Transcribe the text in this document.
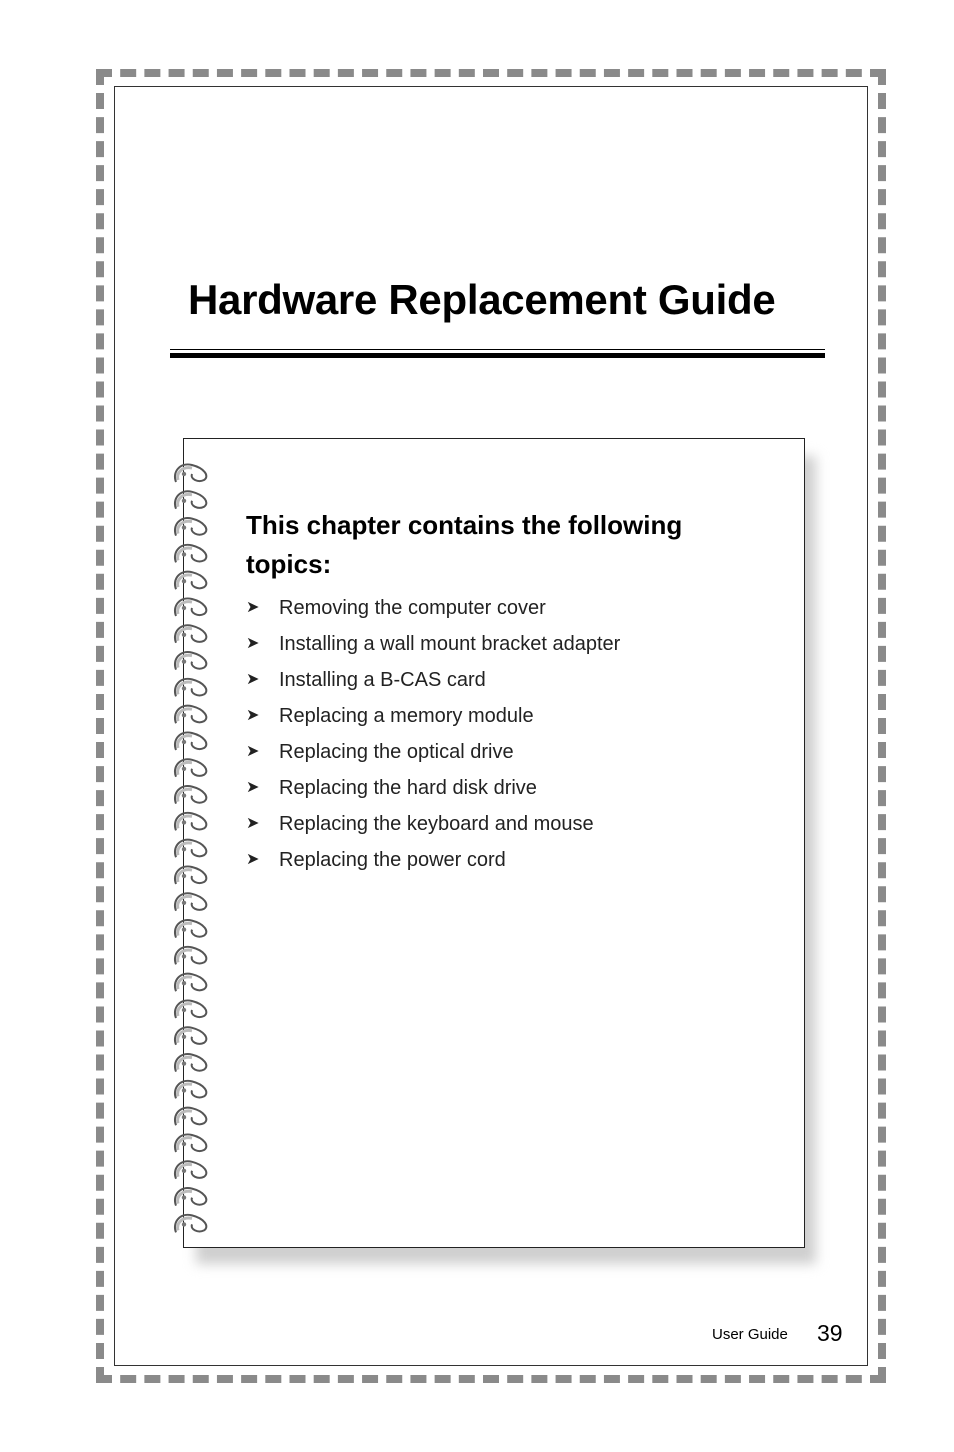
Hardware Replacement Guide
This chapter contains the following topics:
➤ Removing the computer cover
➤ Installing a wall mount bracket adapter
➤ Installing a B-CAS card
➤ Replacing a memory module
➤ Replacing the optical drive
➤ Replacing the hard disk drive
➤ Replacing the keyboard and mouse
➤ Replacing the power cord
User Guide 39
